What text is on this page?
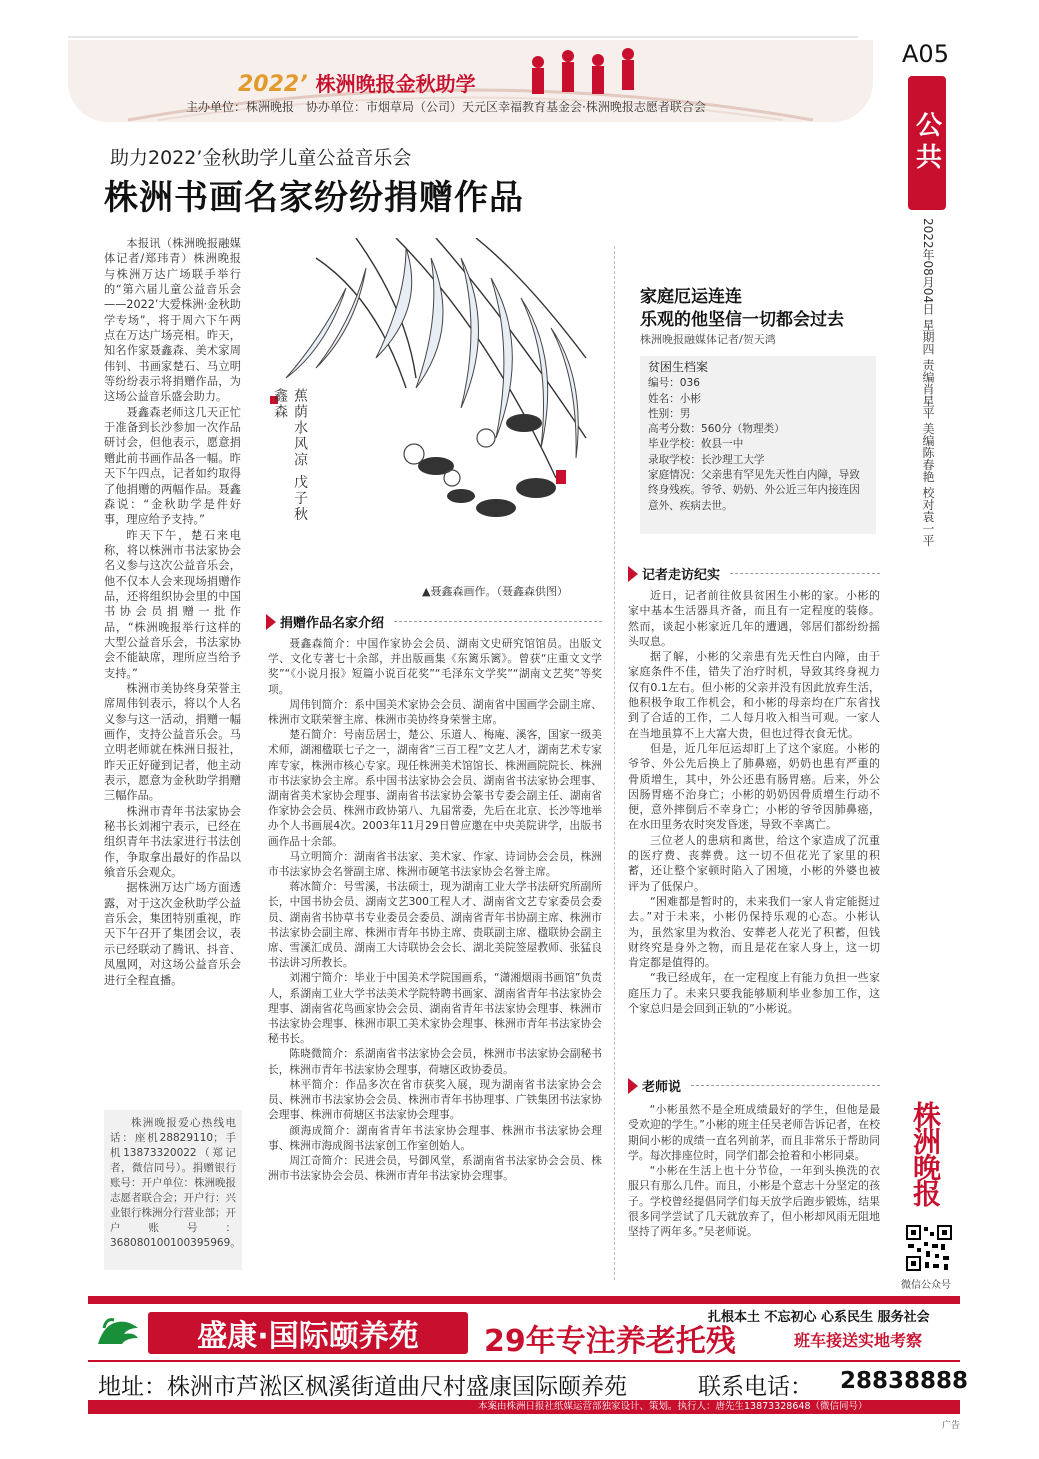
2022’ 株洲晚报金秋助学
主办单位：株洲晚报　协办单位：市烟草局（公司）天元区幸福教育基金会·株洲晚报志愿者联合会
A05
公共
2022年08月04日 星期四 责编肖星平 美编陈春艳 校对袁一平
助力2022’金秋助学儿童公益音乐会
株洲书画名家纷纷捐赠作品

本报讯（株洲晚报融媒体记者/郑玮青）株洲晚报与株洲万达广场联手举行的“第六届儿童公益音乐会——2022’大爱株洲·金秋助学专场”，将于周六下午两点在万达广场亮相。昨天，知名作家聂鑫森、美术家周伟钊、书画家楚石、马立明等纷纷表示将捐赠作品，为这场公益音乐盛会助力。

聂鑫森老师这几天正忙于准备到长沙参加一次作品研讨会，但他表示，愿意捐赠此前书画作品各一幅。昨天下午四点，记者如约取得了他捐赠的两幅作品。聂鑫森说：“金秋助学是件好事，理应给予支持。”

昨天下午，楚石来电称，将以株洲市书法家协会名义参与这次公益音乐会，他不仅本人会来现场捐赠作品，还将组织协会里的中国书协会员捐赠一批作品，“株洲晚报举行这样的大型公益音乐会，书法家协会不能缺席，理所应当给予支持。”

株洲市美协终身荣誉主席周伟钊表示，将以个人名义参与这一活动，捐赠一幅画作，支持公益音乐会。马立明老师就在株洲日报社，昨天正好碰到记者，他主动表示，愿意为金秋助学捐赠三幅作品。

株洲市青年书法家协会秘书长刘湘宁表示，已经在组织青年书法家进行书法创作，争取拿出最好的作品以飨音乐会观众。

据株洲万达广场方面透露，对于这次金秋助学公益音乐会，集团特别重视，昨天下午召开了集团会议，表示已经联动了腾讯、抖音、凤凰网，对这场公益音乐会进行全程直播。

株洲晚报爱心热线电话：座机28829110；手机13873320022（郑记者，微信同号）。捐赠银行账号：开户单位：株洲晚报志愿者联合会；开户行：兴业银行株洲分行营业部；开户账号：368080100100395969。
蕉荫水风凉 戊子秋 鑫森
▲聂鑫森画作。（聂鑫森供图）
捐赠作品名家介绍

聂鑫森简介：中国作家协会会员、湖南文史研究馆馆员。出版文学、文化专著七十余部，并出版画集《东篱乐篱》。曾获“庄重文文学奖”“《小说月报》短篇小说百花奖”“毛泽东文学奖”“湖南文艺奖”等奖项。

周伟钊简介：系中国美术家协会会员、湖南省中国画学会副主席、株洲市文联荣誉主席、株洲市美协终身荣誉主席。

楚石简介：号南岳居士，楚公、乐道人、梅庵、溪客，国家一级美术师，湖湘楹联七子之一，湖南省“三百工程”文艺人才，湖南艺术专家库专家，株洲市核心专家。现任株洲美术馆馆长、株洲画院院长、株洲市书法家协会主席。系中国书法家协会会员、湖南省书法家协会理事、湖南省美术家协会理事、湖南省书法家协会篆书专委会副主任、湖南省作家协会会员、株洲市政协第八、九届常委，先后在北京、长沙等地举办个人书画展4次。2003年11月29日曾应邀在中央美院讲学，出版书画作品十余部。

马立明简介：湖南省书法家、美术家、作家、诗词协会会员，株洲市书法家协会名誉副主席、株洲市硬笔书法家协会名誉主席。

蒋冰简介：号雪溪，书法硕士，现为湖南工业大学书法研究所副所长，中国书协会员、湖南文艺300工程人才、湖南省文艺专家委员会委员、湖南省书协草书专业委员会委员、湖南省青年书协副主席、株洲市书法家协会副主席、株洲市青年书协主席、贵联副主席、楹联协会副主席、雪溪汇成员、湖南工大诗联协会会长、湖北美院签屋教师、张猛良书法讲习所教长。

刘湘宁简介：毕业于中国美术学院国画系，“潇湘烟雨书画馆”负责人，系湖南工业大学书法美术学院特聘书画家、湖南省青年书法家协会理事、湖南省花鸟画家协会会员、湖南省青年书法家协会理事、株洲市书法家协会理事、株洲市职工美术家协会理事、株洲市青年书法家协会秘书长。

陈晓微简介：系湖南省书法家协会会员，株洲市书法家协会副秘书长，株洲市青年书法家协会理事，荷塘区政协委员。

林平简介：作品多次在省市获奖入展，现为湖南省书法家协会会员、株洲市书法家协会会员、株洲市青年书协理事、广铁集团书法家协会理事、株洲市荷塘区书法家协会理事。

颜海成简介：湖南省青年书法家协会理事、株洲市书法家协会理事、株洲市海成阁书法家创工作室创始人。

周江奇简介：民进会员，号御风堂，系湖南省书法家协会会员、株洲市书法家协会会员、株洲市青年书法家协会理事。

家庭厄运连连
乐观的他坚信一切都会过去
株洲晚报融媒体记者/贺天鸿
贫困生档案
编号：036
姓名：小彬
性别：男
高考分数：560分（物理类）
毕业学校：攸县一中
录取学校：长沙理工大学
家庭情况：父亲患有罕见先天性白内障，导致终身残疾。爷爷、奶奶、外公近三年内接连因意外、疾病去世。
记者走访纪实

近日，记者前往攸县贫困生小彬的家。小彬的家中基本生活器具齐备，而且有一定程度的装修。然而，谈起小彬家近几年的遭遇，邻居们都纷纷摇头叹息。

据了解，小彬的父亲患有先天性白内障，由于家庭条件不佳，错失了治疗时机，导致其终身视力仅有0.1左右。但小彬的父亲并没有因此放弃生活，他积极争取工作机会，和小彬的母亲均在广东省找到了合适的工作，二人每月收入相当可观。一家人在当地虽算不上大富大贵，但也过得衣食无忧。

但是，近几年厄运却盯上了这个家庭。小彬的爷爷、外公先后换上了肺鼻癌，奶奶也患有严重的骨质增生，其中，外公还患有肠胃癌。后来，外公因肠胃癌不治身亡；小彬的奶奶因骨质增生行动不便，意外摔倒后不幸身亡；小彬的爷爷因肺鼻癌，在水田里务农时突发昏迷，导致不幸离亡。

三位老人的患病和离世，给这个家造成了沉重的医疗费、丧葬费。这一切不但花光了家里的积蓄，还让整个家顿时陷入了困境，小彬的外婆也被评为了低保户。

“困难都是暂时的，未来我们一家人肯定能挺过去。”对于未来，小彬仍保持乐观的心态。小彬认为，虽然家里为救治、安葬老人花光了积蓄，但钱财终究是身外之物，而且是花在家人身上，这一切肯定都是值得的。

“我已经成年，在一定程度上有能力负担一些家庭压力了。未来只要我能够顺利毕业参加工作，这个家总归是会回到正轨的”小彬说。

老师说

“小彬虽然不是全班成绩最好的学生，但他是最受欢迎的学生。”小彬的班主任吴老师告诉记者，在校期间小彬的成绩一直名列前茅，而且非常乐于帮助同学。每次排座位时，同学们都会抢着和小彬同桌。

“小彬在生活上也十分节俭，一年到头换洗的衣服只有那么几件。而且，小彬是个意志十分坚定的孩子。学校曾经提倡同学们每天放学后跑步锻炼，结果很多同学尝试了几天就放弃了，但小彬却风雨无阻地坚持了两年多。”吴老师说。

株洲晚报
微信公众号
扎根本土 不忘初心 心系民生 服务社会
盛康·国际颐养苑 29年专注养老托残	班车接送实地考察
地址：株洲市芦淞区枫溪街道曲尺村盛康国际颐养苑	联系电话： 28838888
本案由株洲日报社纸媒运营部独家设计、策划。执行人：唐先生13873328648（微信同号）
广告
